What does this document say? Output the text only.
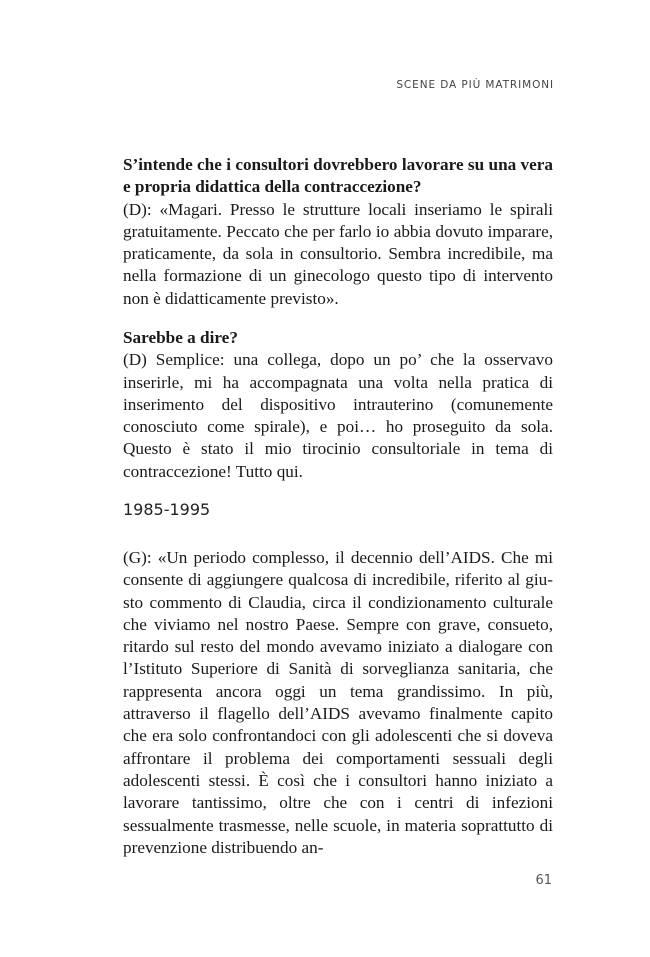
SCENE DA PIÙ MATRIMONI

S’intende che i consultori dovrebbero lavorare su una vera e propria didattica della contraccezione?

(D): «Magari. Presso le strutture locali inseriamo le spirali gratuitamente. Peccato che per farlo io abbia dovuto imparare, praticamente, da sola in consultorio. Sembra incredibile, ma nella formazione di un ginecologo questo tipo di intervento non è didatticamente previsto».

Sarebbe a dire?

(D) Semplice: una collega, dopo un po’ che la osservavo inserirle, mi ha accompagnata una volta nella pratica di inserimento del dispositivo intrauterino (comunemente conosciuto come spirale), e poi… ho proseguito da sola. Questo è stato il mio tirocinio consultoriale in tema di contraccezione! Tutto qui.

1985-1995

(G): «Un periodo complesso, il decennio dell’AIDS. Che mi consente di aggiungere qualcosa di incredibile, riferito al giusto commento di Claudia, circa il condizionamento culturale che viviamo nel nostro Paese. Sempre con grave, consueto, ritardo sul resto del mondo avevamo iniziato a dialogare con l’Istituto Superiore di Sanità di sorveglianza sanitaria, che rappresenta ancora oggi un tema grandissimo. In più, attraverso il flagello dell’AIDS avevamo finalmente capito che era solo confrontandoci con gli adolescenti che si doveva affrontare il problema dei comportamenti sessuali degli adolescenti stessi. È così che i consultori hanno iniziato a lavorare tantissimo, oltre che con i centri di infezioni sessualmente trasmesse, nelle scuole, in materia soprattutto di prevenzione distribuendo an-

61
